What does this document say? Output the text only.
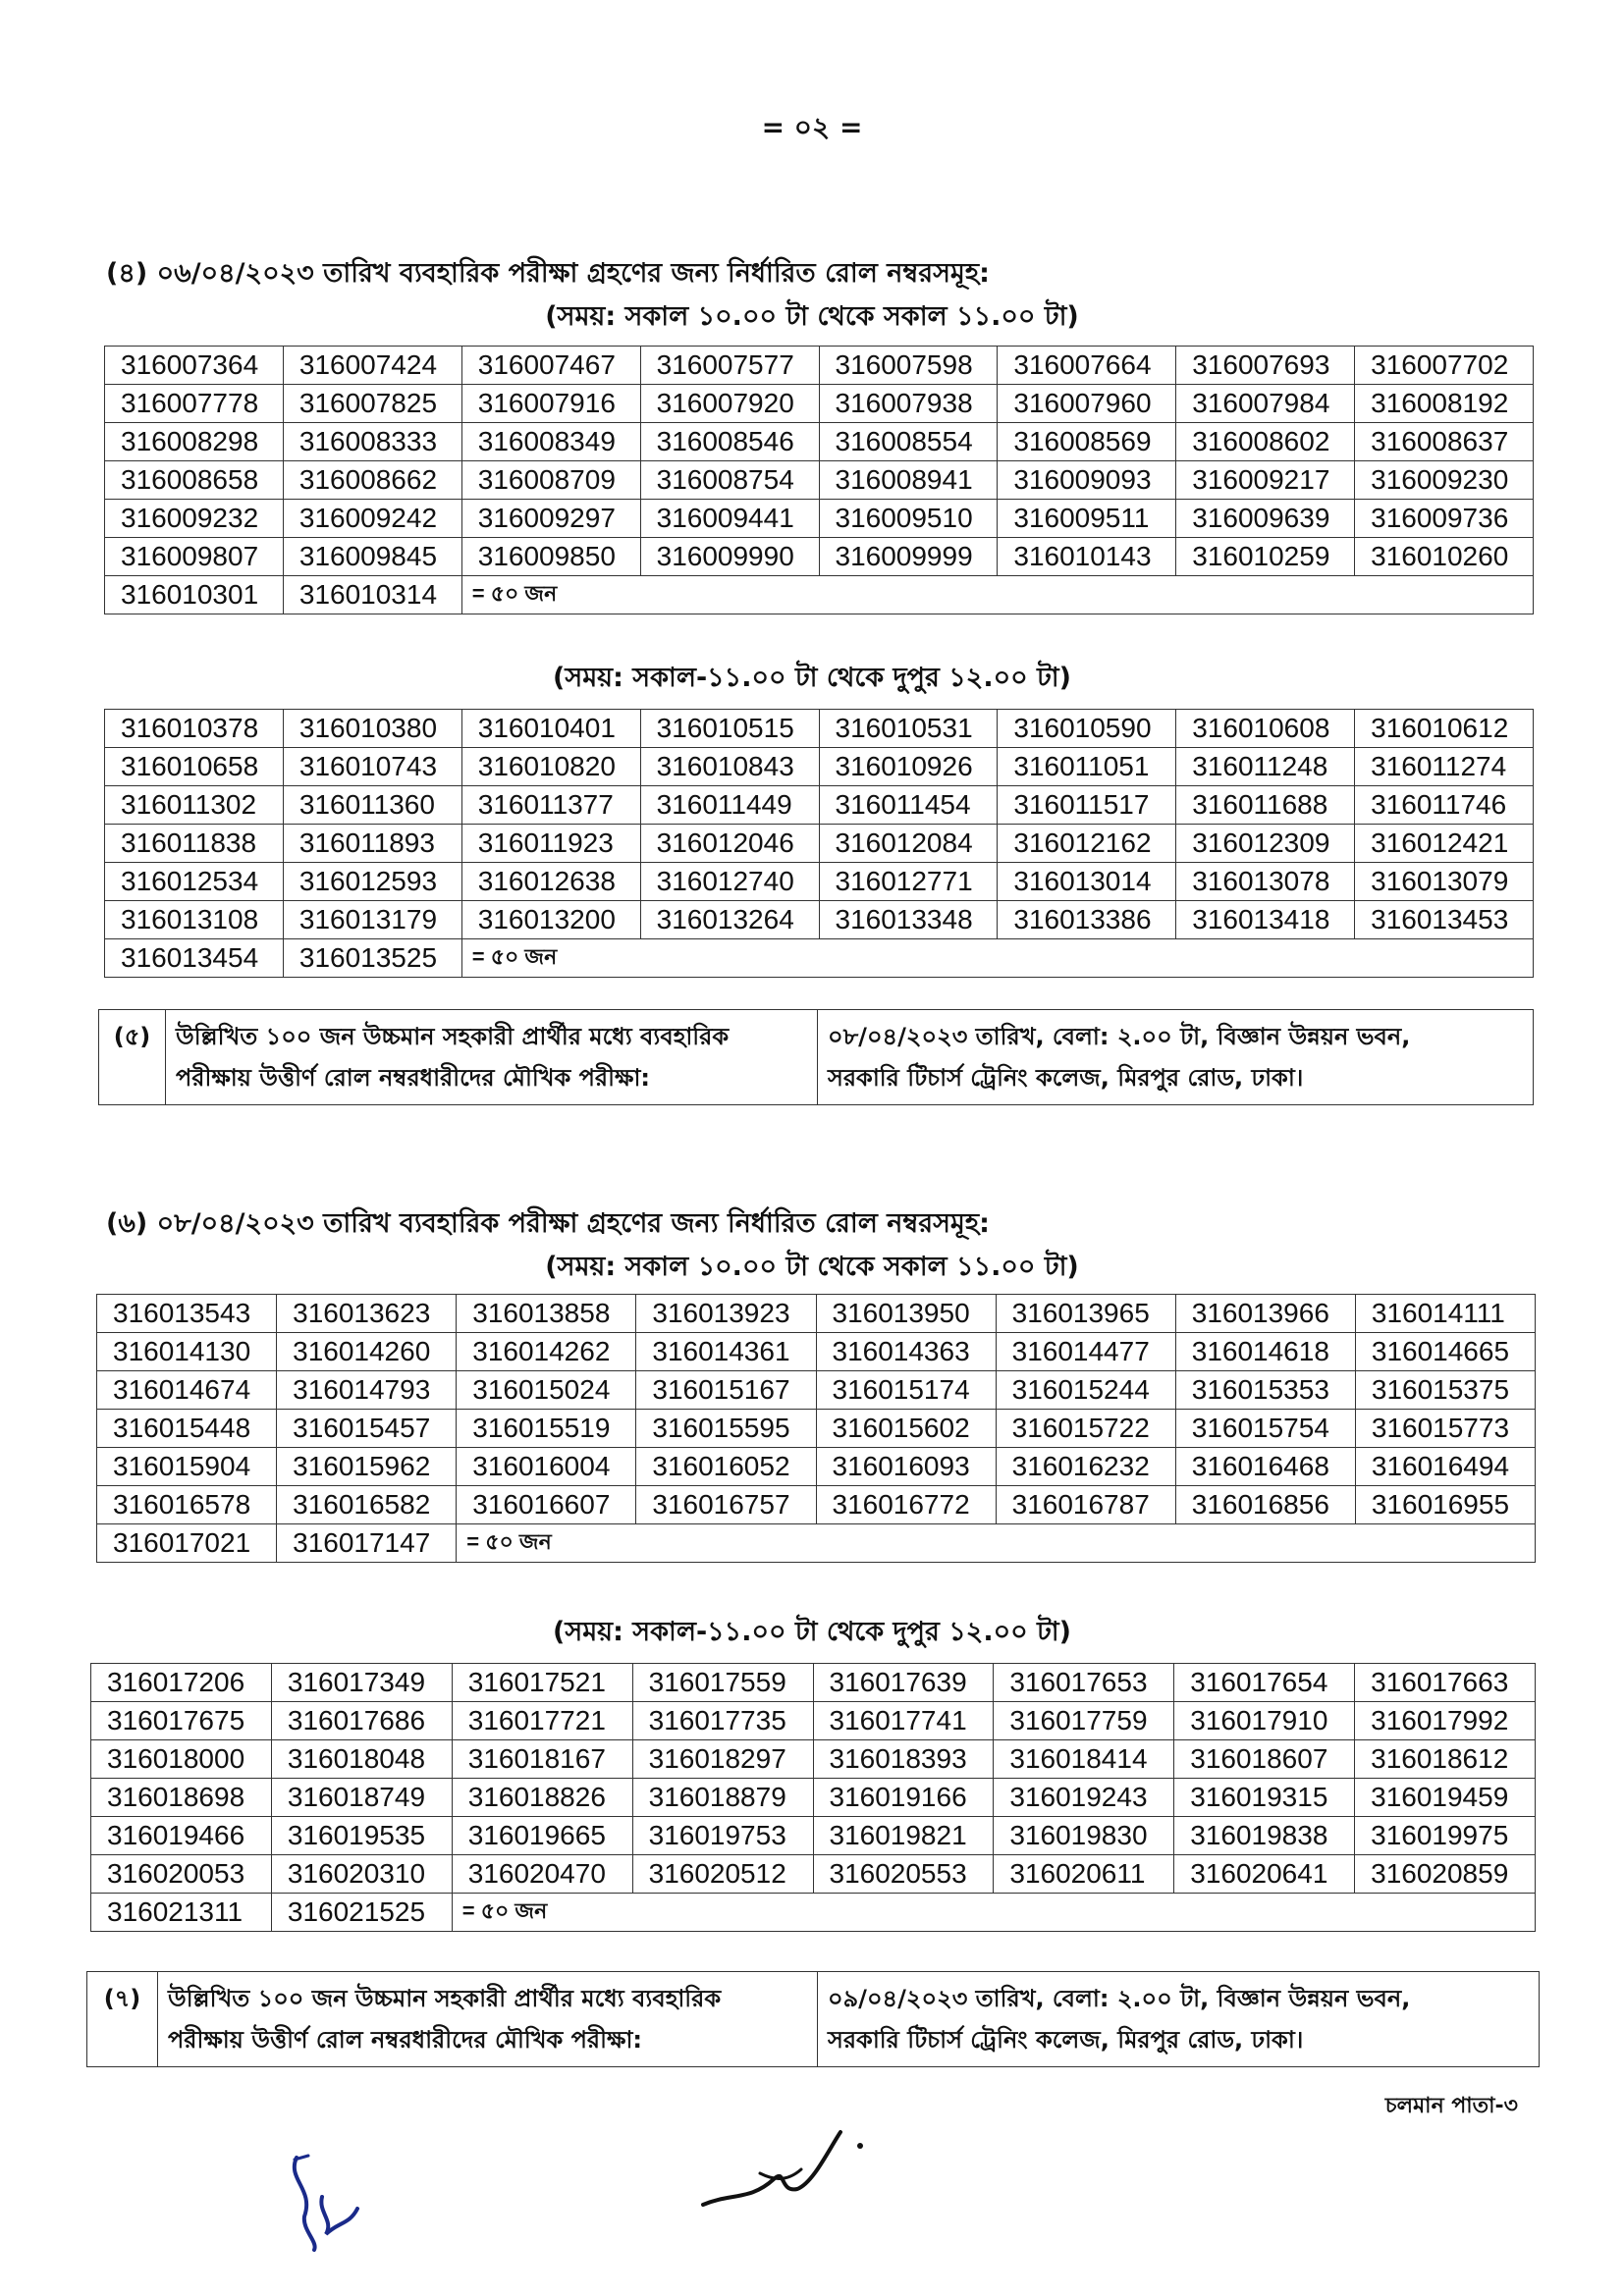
= ০২ =
(৪) ০৬/০৪/২০২৩ তারিখ ব্যবহারিক পরীক্ষা গ্রহণের জন্য নির্ধারিত রোল নম্বরসমূহ:
(সময়: সকাল ১০.০০ টা থেকে সকাল ১১.০০ টা)
316007364	316007424	316007467	316007577	316007598	316007664	316007693	316007702
316007778	316007825	316007916	316007920	316007938	316007960	316007984	316008192
316008298	316008333	316008349	316008546	316008554	316008569	316008602	316008637
316008658	316008662	316008709	316008754	316008941	316009093	316009217	316009230
316009232	316009242	316009297	316009441	316009510	316009511	316009639	316009736
316009807	316009845	316009850	316009990	316009999	316010143	316010259	316010260
316010301	316010314	= ৫০ জন					
(সময়: সকাল-১১.০০ টা থেকে দুপুর ১২.০০ টা)
316010378	316010380	316010401	316010515	316010531	316010590	316010608	316010612
316010658	316010743	316010820	316010843	316010926	316011051	316011248	316011274
316011302	316011360	316011377	316011449	316011454	316011517	316011688	316011746
316011838	316011893	316011923	316012046	316012084	316012162	316012309	316012421
316012534	316012593	316012638	316012740	316012771	316013014	316013078	316013079
316013108	316013179	316013200	316013264	316013348	316013386	316013418	316013453
316013454	316013525	= ৫০ জন					
(৫)	উল্লিখিত ১০০ জন উচ্চমান সহকারী প্রার্থীর মধ্যে ব্যবহারিক
পরীক্ষায় উত্তীর্ণ রোল নম্বরধারীদের মৌখিক পরীক্ষা:

০৮/০৪/২০২৩ তারিখ, বেলা: ২.০০ টা, বিজ্ঞান উন্নয়ন ভবন,
সরকারি টিচার্স ট্রেনিং কলেজ, মিরপুর রোড, ঢাকা।
(৬) ০৮/০৪/২০২৩ তারিখ ব্যবহারিক পরীক্ষা গ্রহণের জন্য নির্ধারিত রোল নম্বরসমূহ:
(সময়: সকাল ১০.০০ টা থেকে সকাল ১১.০০ টা)
316013543	316013623	316013858	316013923	316013950	316013965	316013966	316014111
316014130	316014260	316014262	316014361	316014363	316014477	316014618	316014665
316014674	316014793	316015024	316015167	316015174	316015244	316015353	316015375
316015448	316015457	316015519	316015595	316015602	316015722	316015754	316015773
316015904	316015962	316016004	316016052	316016093	316016232	316016468	316016494
316016578	316016582	316016607	316016757	316016772	316016787	316016856	316016955
316017021	316017147	= ৫০ জন					
(সময়: সকাল-১১.০০ টা থেকে দুপুর ১২.০০ টা)
316017206	316017349	316017521	316017559	316017639	316017653	316017654	316017663
316017675	316017686	316017721	316017735	316017741	316017759	316017910	316017992
316018000	316018048	316018167	316018297	316018393	316018414	316018607	316018612
316018698	316018749	316018826	316018879	316019166	316019243	316019315	316019459
316019466	316019535	316019665	316019753	316019821	316019830	316019838	316019975
316020053	316020310	316020470	316020512	316020553	316020611	316020641	316020859
316021311	316021525	= ৫০ জন					
(৭)	উল্লিখিত ১০০ জন উচ্চমান সহকারী প্রার্থীর মধ্যে ব্যবহারিক
পরীক্ষায় উত্তীর্ণ রোল নম্বরধারীদের মৌখিক পরীক্ষা:

০৯/০৪/২০২৩ তারিখ, বেলা: ২.০০ টা, বিজ্ঞান উন্নয়ন ভবন,
সরকারি টিচার্স ট্রেনিং কলেজ, মিরপুর রোড, ঢাকা।
চলমান পাতা-৩
